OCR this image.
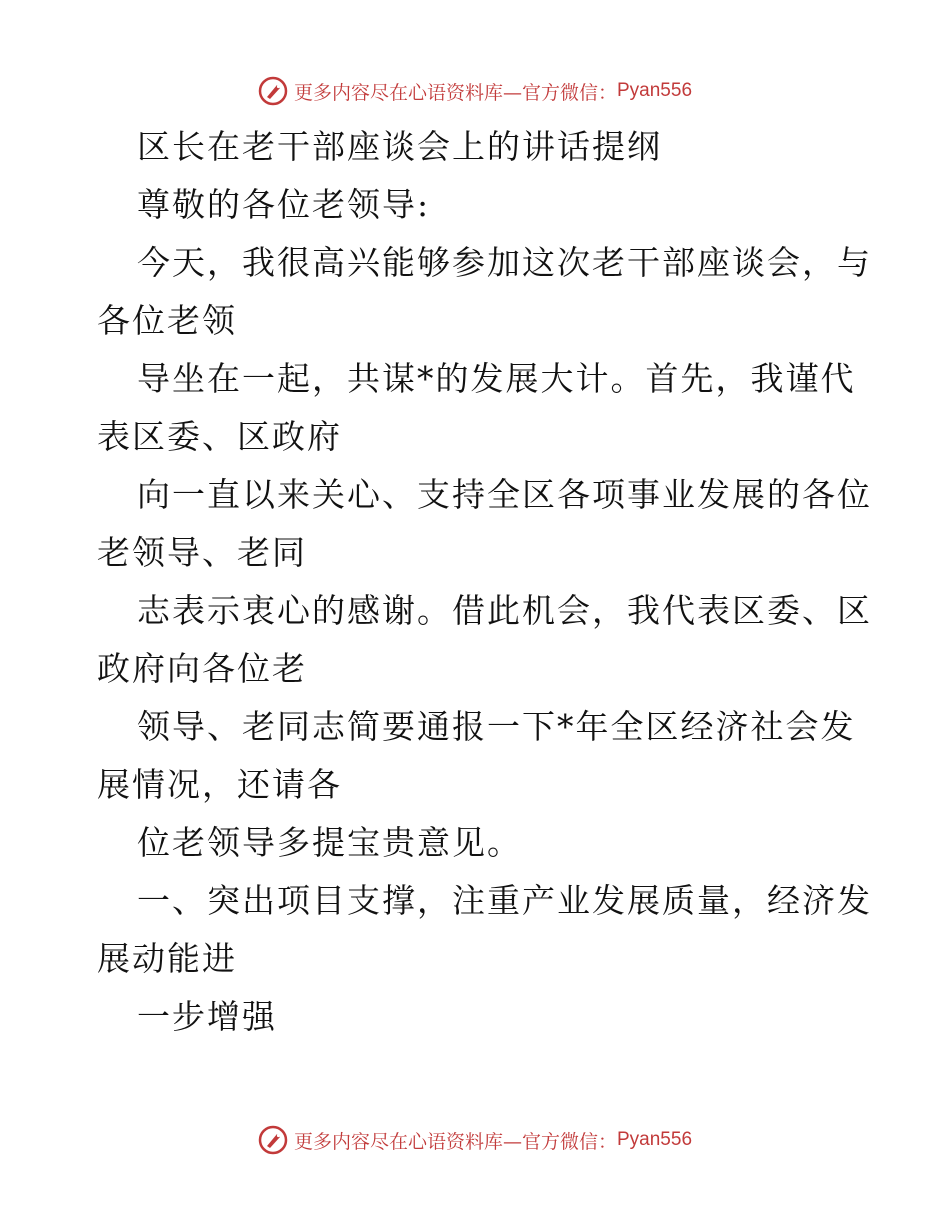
更多内容尽在心语资料库—官方微信： Pyan556
区长在老干部座谈会上的讲话提纲
尊敬的各位老领导:
今天，我很高兴能够参加这次老干部座谈会，与
各位老领
导坐在一起，共谋*的发展大计。首先，我谨代
表区委、区政府
向一直以来关心、支持全区各项事业发展的各位
老领导、老同
志表示衷心的感谢。借此机会，我代表区委、区
政府向各位老
领导、老同志简要通报一下*年全区经济社会发
展情况，还请各
位老领导多提宝贵意见。
一、突出项目支撑，注重产业发展质量，经济发
展动能进
一步增强
更多内容尽在心语资料库—官方微信： Pyan556
